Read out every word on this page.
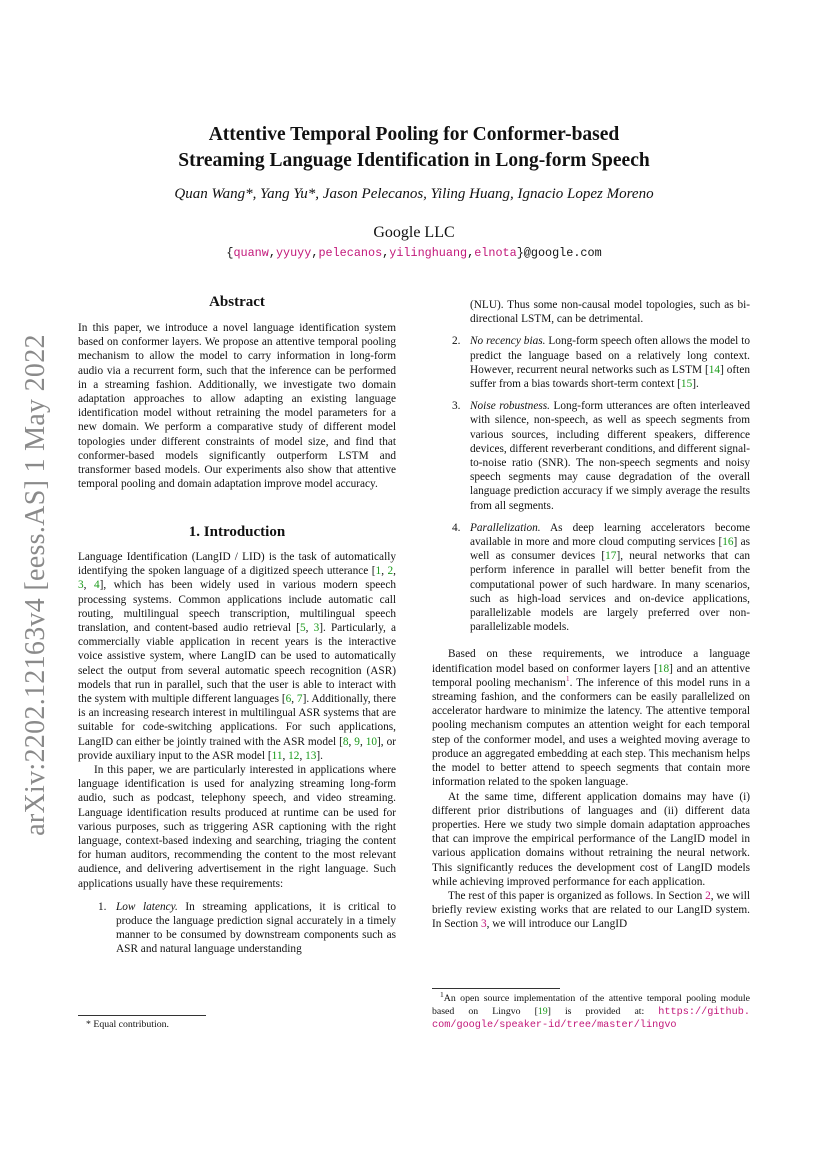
arXiv:2202.12163v4 [eess.AS] 1 May 2022
Attentive Temporal Pooling for Conformer-based
Streaming Language Identification in Long-form Speech
Quan Wang*, Yang Yu*, Jason Pelecanos, Yiling Huang, Ignacio Lopez Moreno
Google LLC
{quanw,yyuyy,pelecanos,yilinghuang,elnota}@google.com
Abstract

In this paper, we introduce a novel language identification system based on conformer layers. We propose an attentive temporal pooling mechanism to allow the model to carry information in long-form audio via a recurrent form, such that the inference can be performed in a streaming fashion. Additionally, we investigate two domain adaptation approaches to allow adapting an existing language identification model without retraining the model parameters for a new domain. We perform a comparative study of different model topologies under different constraints of model size, and find that conformer-based models significantly outperform LSTM and transformer based models. Our experiments also show that attentive temporal pooling and domain adaptation improve model accuracy.

1. Introduction

Language Identification (LangID / LID) is the task of automatically identifying the spoken language of a digitized speech utterance [1, 2, 3, 4], which has been widely used in various modern speech processing systems. Common applications include automatic call routing, multilingual speech transcription, multilingual speech translation, and content-based audio retrieval [5, 3]. Particularly, a commercially viable application in recent years is the interactive voice assistive system, where LangID can be used to automatically select the output from several automatic speech recognition (ASR) models that run in parallel, such that the user is able to interact with the system with multiple different languages [6, 7]. Additionally, there is an increasing research interest in multilingual ASR systems that are suitable for code-switching applications. For such applications, LangID can either be jointly trained with the ASR model [8, 9, 10], or provide auxiliary input to the ASR model [11, 12, 13].

In this paper, we are particularly interested in applications where language identification is used for analyzing streaming long-form audio, such as podcast, telephony speech, and video streaming. Language identification results produced at runtime can be used for various purposes, such as triggering ASR captioning with the right language, context-based indexing and searching, triaging the content for human auditors, recommending the content to the most relevant audience, and delivering advertisement in the right language. Such applications usually have these requirements:

1. Low latency. In streaming applications, it is critical to produce the language prediction signal accurately in a timely manner to be consumed by downstream components such as ASR and natural language understanding
* Equal contribution.
(NLU). Thus some non-causal model topologies, such as bi-directional LSTM, can be detrimental.
2. No recency bias. Long-form speech often allows the model to predict the language based on a relatively long context. However, recurrent neural networks such as LSTM [14] often suffer from a bias towards short-term context [15].
3. Noise robustness. Long-form utterances are often interleaved with silence, non-speech, as well as speech segments from various sources, including different speakers, difference devices, different reverberant conditions, and different signal-to-noise ratio (SNR). The non-speech segments and noisy speech segments may cause degradation of the overall language prediction accuracy if we simply average the results from all segments.
4. Parallelization. As deep learning accelerators become available in more and more cloud computing services [16] as well as consumer devices [17], neural networks that can perform inference in parallel will better benefit from the computational power of such hardware. In many scenarios, such as high-load services and on-device applications, parallelizable models are largely preferred over non-parallelizable models.

Based on these requirements, we introduce a language identification model based on conformer layers [18] and an attentive temporal pooling mechanism$^1$. The inference of this model runs in a streaming fashion, and the conformers can be easily parallelized on accelerator hardware to minimize the latency. The attentive temporal pooling mechanism computes an attention weight for each temporal step of the conformer model, and uses a weighted moving average to produce an aggregated embedding at each step. This mechanism helps the model to better attend to speech segments that contain more information related to the spoken language.

At the same time, different application domains may have (i) different prior distributions of languages and (ii) different data properties. Here we study two simple domain adaptation approaches that can improve the empirical performance of the LangID model in various application domains without retraining the neural network. This significantly reduces the development cost of LangID models while achieving improved performance for each application.

The rest of this paper is organized as follows. In Section 2, we will briefly review existing works that are related to our LangID system. In Section 3, we will introduce our LangID

$^1$An open source implementation of the attentive temporal pooling module based on Lingvo [19] is provided at: https://github. com/google/speaker-id/tree/master/lingvo
